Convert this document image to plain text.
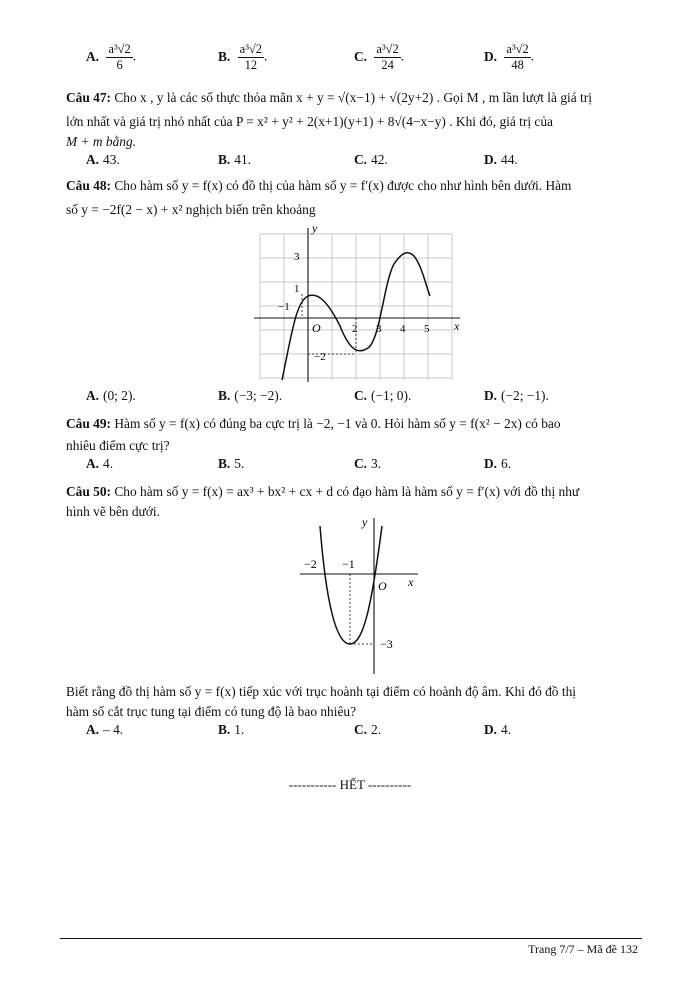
A. $\frac{\text{a³√2}}{6}$ .	B. $\frac{\text{a³√2}}{12}$ .	C. $\frac{\text{a³√2}}{24}$ .	D. $\frac{\text{a³√2}}{48}$ .
Câu 47: Cho x , y là các số thực thỏa mãn x + y = √(x−1) + √(2y+2) . Gọi M , m lần lượt là giá trị
lớn nhất và giá trị nhỏ nhất của P = x² + y² + 2(x+1)(y+1) + 8√(4−x−y) . Khi đó, giá trị của
M + m bằng.
A. 43.	B. 41.	C. 42.	D. 44.
Câu 48: Cho hàm số y = f(x) có đồ thị của hàm số y = f′(x) được cho như hình bên dưới. Hàm
số y = −2f(2 − x) + x² nghịch biến trên khoảng
y
x
O	2 3 4 5
3
1
−1
−2
A. (0; 2).	B. (−3; −2).	C. (−1; 0).	D. (−2; −1).
Câu 49: Hàm số y = f(x) có đúng ba cực trị là −2, −1 và 0. Hỏi hàm số y = f(x² − 2x) có bao
nhiêu điểm cực trị?
A. 4.	B. 5.	C. 3.	D. 6.
Câu 50: Cho hàm số y = f(x) = ax³ + bx² + cx + d có đạo hàm là hàm số y = f′(x) với đồ thị như
hình vẽ bên dưới.
y
x
O
−2 −1
−3
Biết rằng đồ thị hàm số y = f(x) tiếp xúc với trục hoành tại điểm có hoành độ âm. Khi đó đồ thị
hàm số cắt trục tung tại điểm có tung độ là bao nhiêu?
A. – 4.	B. 1.	C. 2.	D. 4.
----------- HẾT ----------
Trang 7/7 – Mã đề 132
